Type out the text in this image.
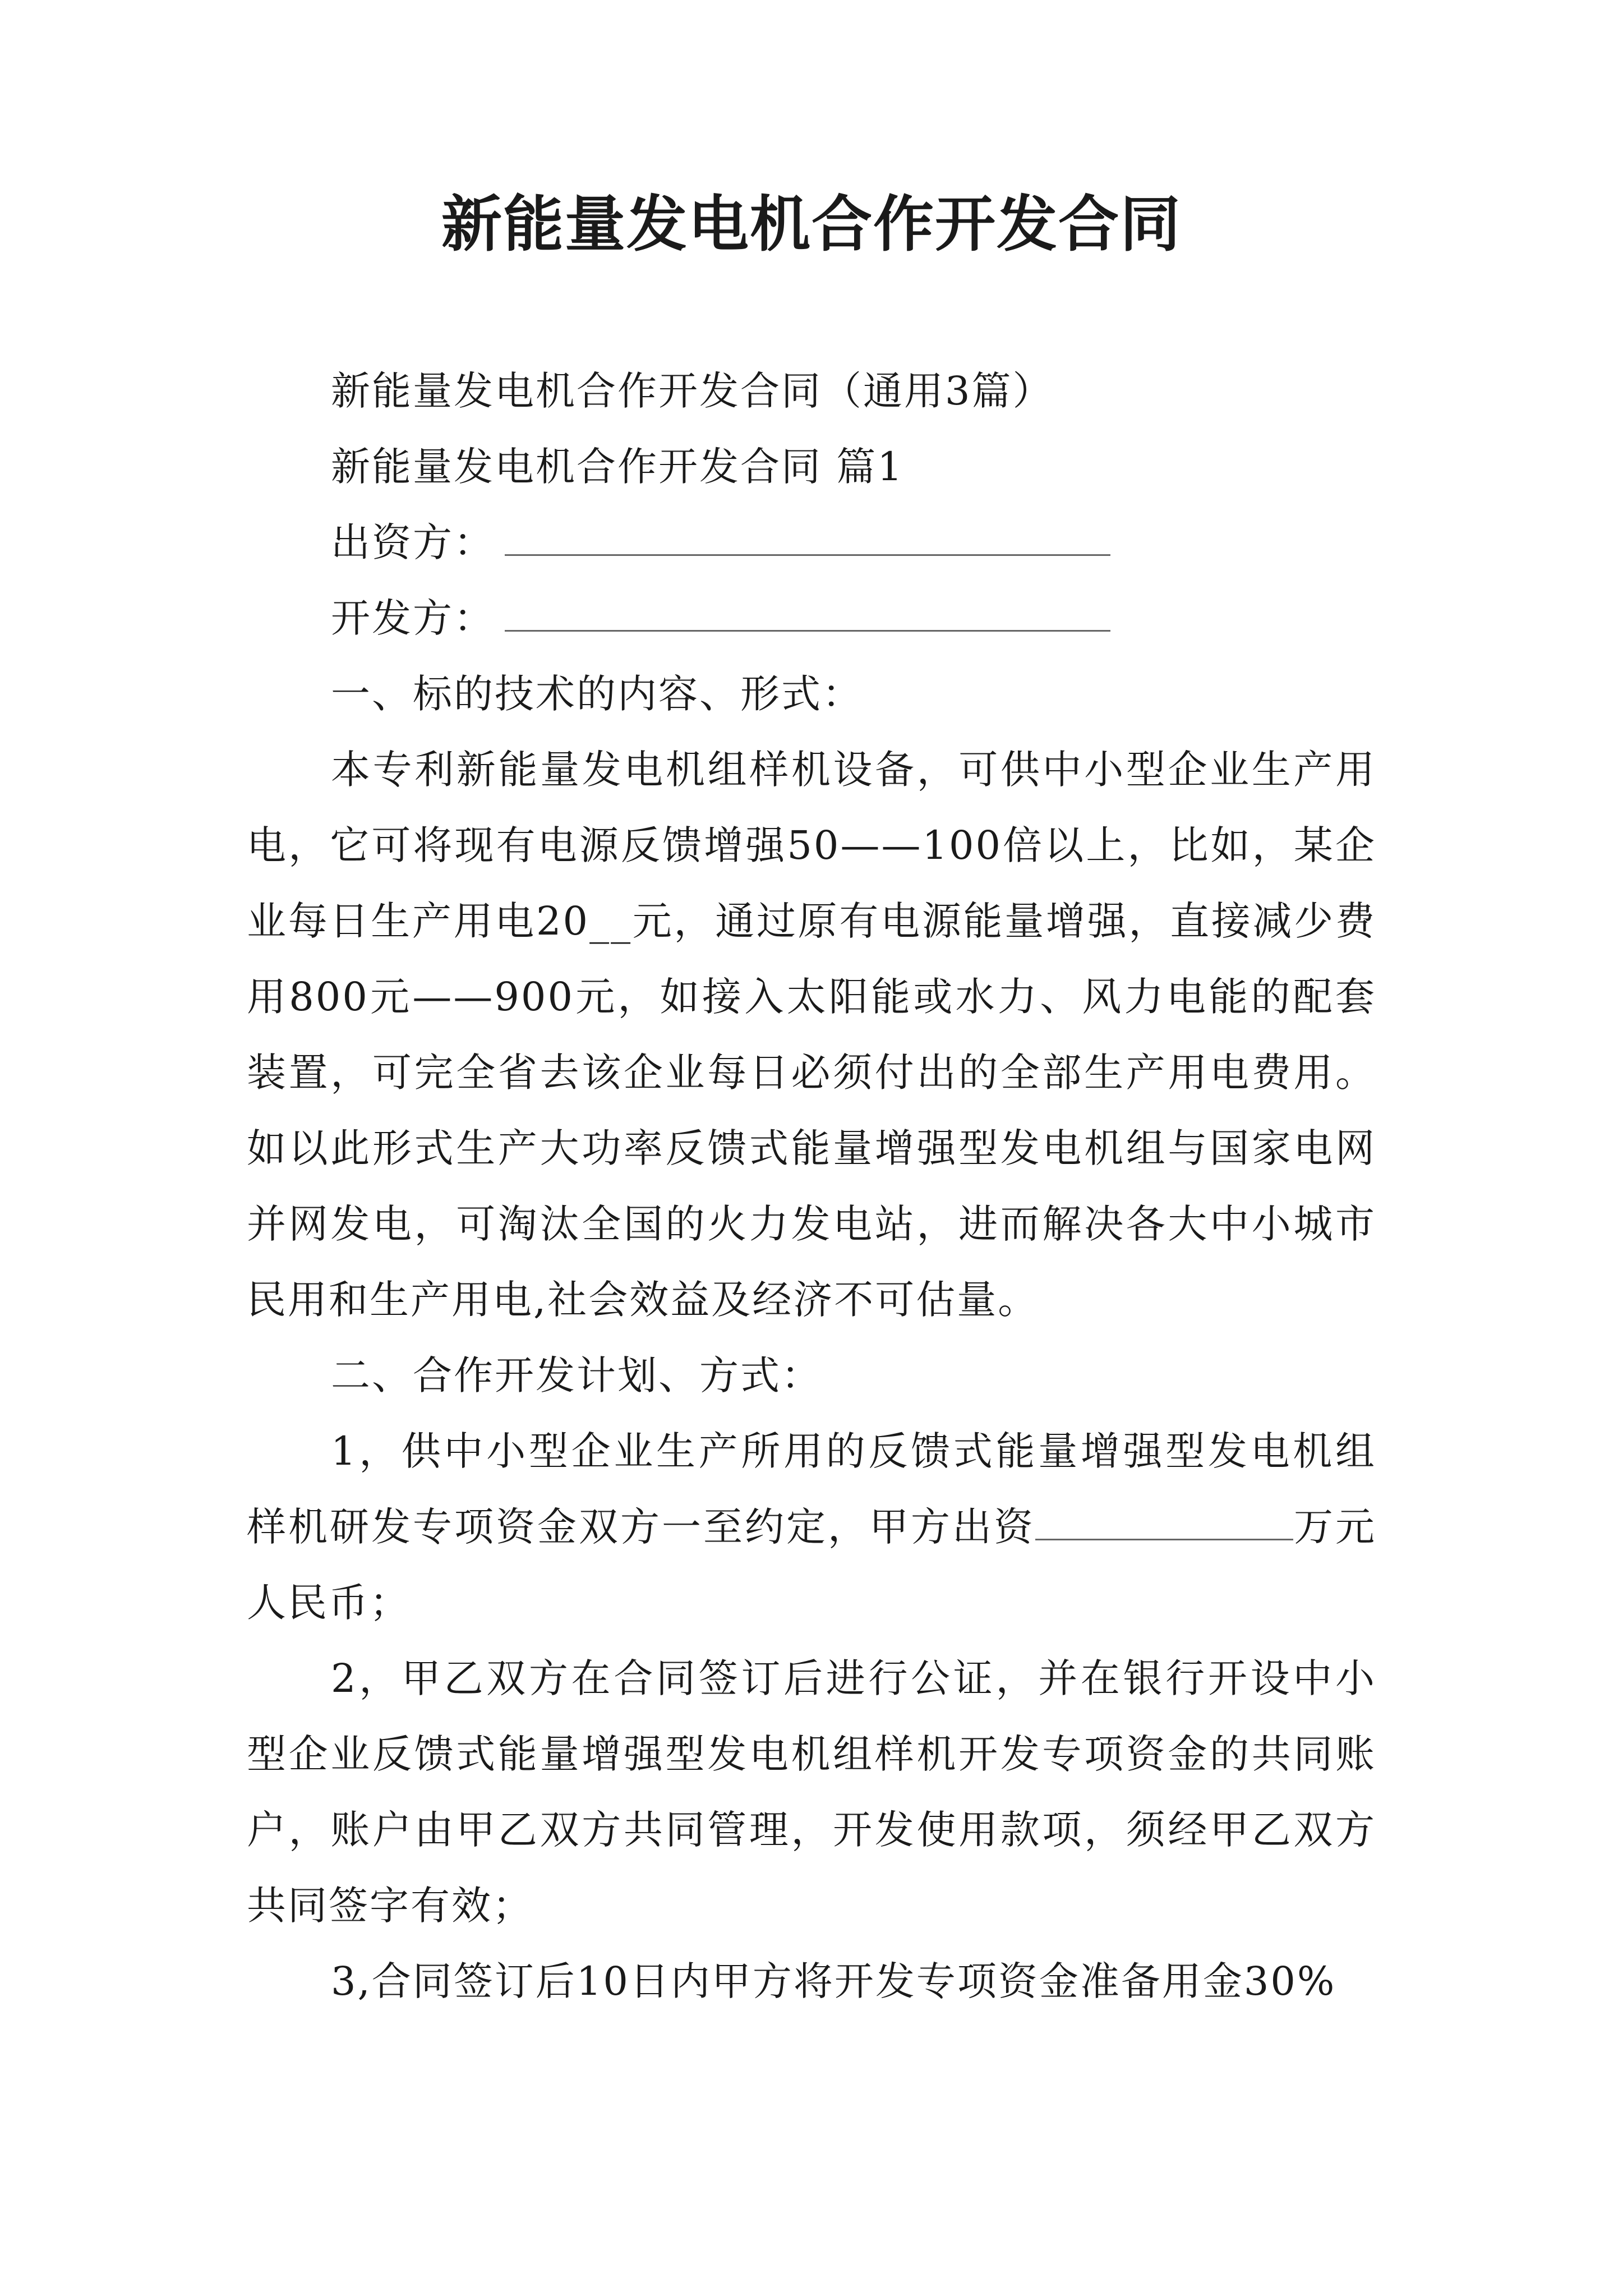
新能量发电机合作开发合同

新能量发电机合作开发合同（通用3篇）

新能量发电机合作开发合同 篇1

出资方：

开发方：

一、标的技术的内容、形式：

本专利新能量发电机组样机设备，可供中小型企业生产用电，它可将现有电源反馈增强50——100倍以上，比如，某企业每日生产用电20__元，通过原有电源能量增强，直接减少费用800元——900元，如接入太阳能或水力、风力电能的配套装置，可完全省去该企业每日必须付出的全部生产用电费用。如以此形式生产大功率反馈式能量增强型发电机组与国家电网并网发电，可淘汰全国的火力发电站，进而解决各大中小城市民用和生产用电,社会效益及经济不可估量。

二、合作开发计划、方式：

1，供中小型企业生产所用的反馈式能量增强型发电机组样机研发专项资金双方一至约定，甲方出资	万元人民币；

2，甲乙双方在合同签订后进行公证，并在银行开设中小型企业反馈式能量增强型发电机组样机开发专项资金的共同账户，账户由甲乙双方共同管理，开发使用款项，须经甲乙双方共同签字有效；

3,合同签订后10日内甲方将开发专项资金准备用金30%
